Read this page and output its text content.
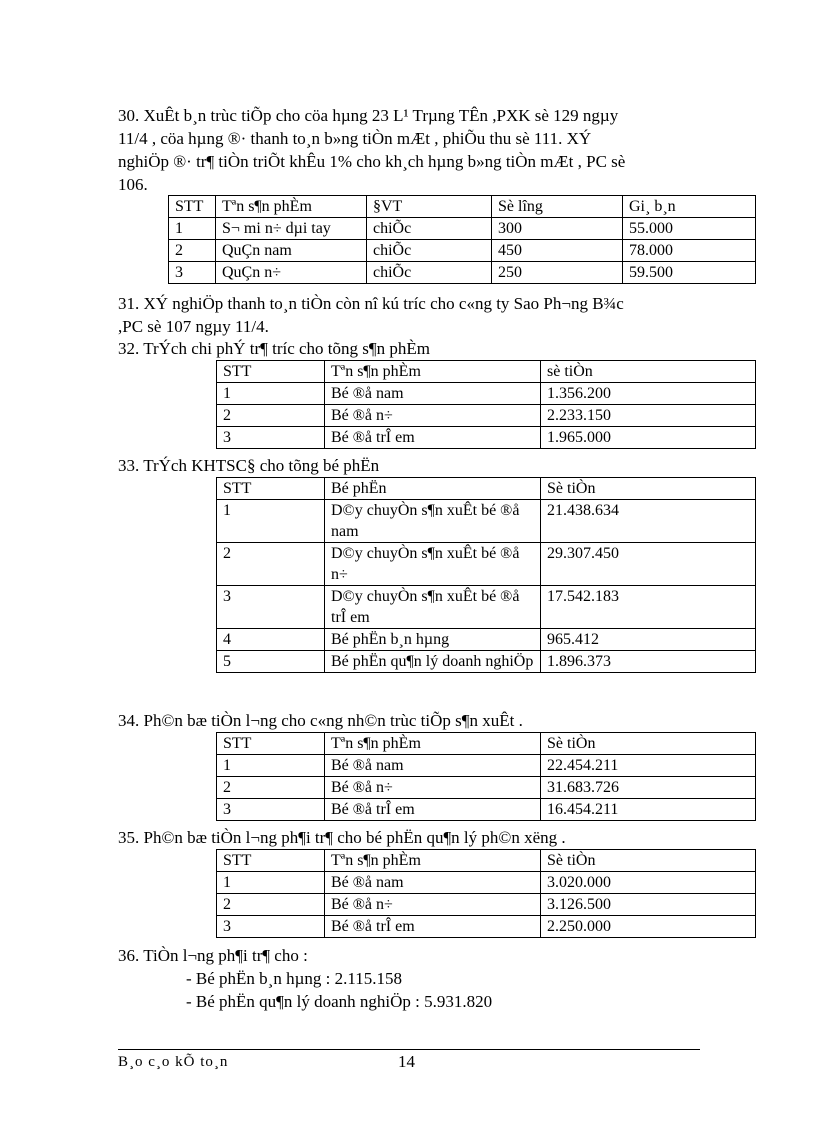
30. XuÊt b¸n trùc tiÕp cho cöa hµng 23 L¹ Trµng TÊn ,PXK sè 129 ngµy
11/4 , cöa hµng ®· thanh to¸n b»ng tiÒn mÆt , phiÕu thu sè 111. XÝ
nghiÖp ®· tr¶ tiÒn triÕt khÊu 1% cho kh¸ch hµng b»ng tiÒn mÆt , PC sè
106.
STT	Tªn s¶n phÈm	§VT	Sè lîng	Gi¸ b¸n
1	S¬ mi n÷ dµi tay	chiÕc	300	55.000
2	QuÇn nam	chiÕc	450	78.000
3	QuÇn n÷	chiÕc	250	59.500
31. XÝ nghiÖp thanh to¸n tiÒn còn nî kú tríc cho c«ng ty Sao Ph¬ng B¾c
,PC sè 107 ngµy 11/4.
32. TrÝch chi phÝ tr¶ tríc cho tõng s¶n phÈm
STT	Tªn s¶n phÈm	sè tiÒn
1	Bé ®å nam	1.356.200
2	Bé ®å n÷	2.233.150
3	Bé ®å trÎ em	1.965.000
33. TrÝch KHTSC§ cho tõng bé phËn
STT	Bé phËn	Sè tiÒn
1	D©y chuyÒn s¶n xuÊt bé ®å nam	21.438.634
2	D©y chuyÒn s¶n xuÊt bé ®å n÷	29.307.450
3	D©y chuyÒn s¶n xuÊt bé ®å trÎ em	17.542.183
4	Bé phËn b¸n hµng	965.412
5	Bé phËn qu¶n lý doanh nghiÖp	1.896.373
34. Ph©n bæ tiÒn l¬ng cho c«ng nh©n trùc tiÕp s¶n xuÊt .
STT	Tªn s¶n phÈm	Sè tiÒn
1	Bé ®å nam	22.454.211
2	Bé ®å n÷	31.683.726
3	Bé ®å trÎ em	16.454.211
35. Ph©n bæ tiÒn l¬ng ph¶i tr¶ cho bé phËn qu¶n lý ph©n xëng .
STT	Tªn s¶n phÈm	Sè tiÒn
1	Bé ®å nam	3.020.000
2	Bé ®å n÷	3.126.500
3	Bé ®å trÎ em	2.250.000
36. TiÒn l¬ng ph¶i tr¶ cho :
- Bé phËn b¸n hµng : 2.115.158
- Bé phËn qu¶n lý doanh nghiÖp : 5.931.820
B¸o c¸o kÕ to¸n	14
